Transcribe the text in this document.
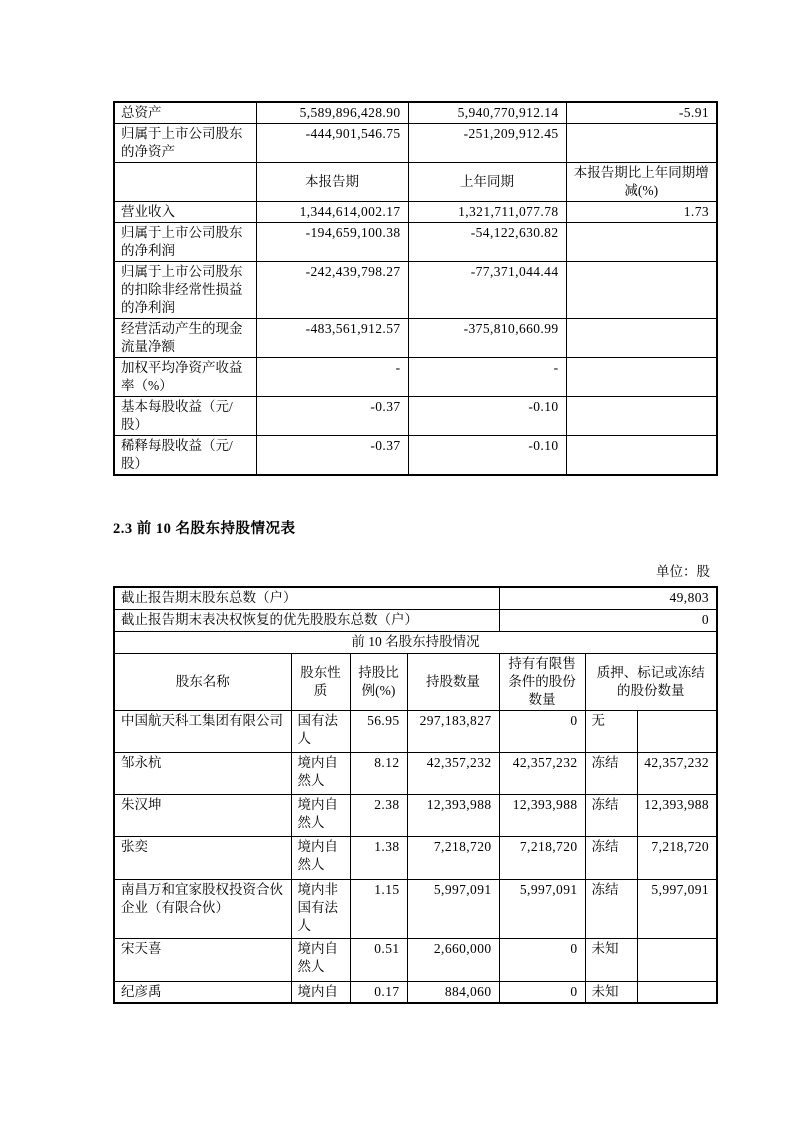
总资产	5,589,896,428.90	5,940,770,912.14	-5.91
归属于上市公司股东的净资产	-444,901,546.75	-251,209,912.45	
	本报告期	上年同期	本报告期比上年同期增减(%)
营业收入	1,344,614,002.17	1,321,711,077.78	1.73
归属于上市公司股东的净利润	-194,659,100.38	-54,122,630.82	
归属于上市公司股东的扣除非经常性损益的净利润	-242,439,798.27	-77,371,044.44	
经营活动产生的现金流量净额	-483,561,912.57	-375,810,660.99	
加权平均净资产收益率（%）	-	-	
基本每股收益（元/股）	-0.37	-0.10	
稀释每股收益（元/股）	-0.37	-0.10	
2.3 前 10 名股东持股情况表
单位：股
截止报告期末股东总数（户）				49,803		
截止报告期末表决权恢复的优先股股东总数（户）				0		
前 10 名股东持股情况						
股东名称	股东性质	持股比例(%)	持股数量	持有有限售条件的股份数量	质押、标记或冻结的股份数量	
中国航天科工集团有限公司	国有法人	56.95	297,183,827	0	无	
邹永杭	境内自然人	8.12	42,357,232	42,357,232	冻结	42,357,232
朱汉坤	境内自然人	2.38	12,393,988	12,393,988	冻结	12,393,988
张奕	境内自然人	1.38	7,218,720	7,218,720	冻结	7,218,720
南昌万和宜家股权投资合伙企业（有限合伙）	境内非国有法人	1.15	5,997,091	5,997,091	冻结	5,997,091
宋天喜	境内自然人	0.51	2,660,000	0	未知	
纪彦禹	境内自	0.17	884,060	0	未知	
